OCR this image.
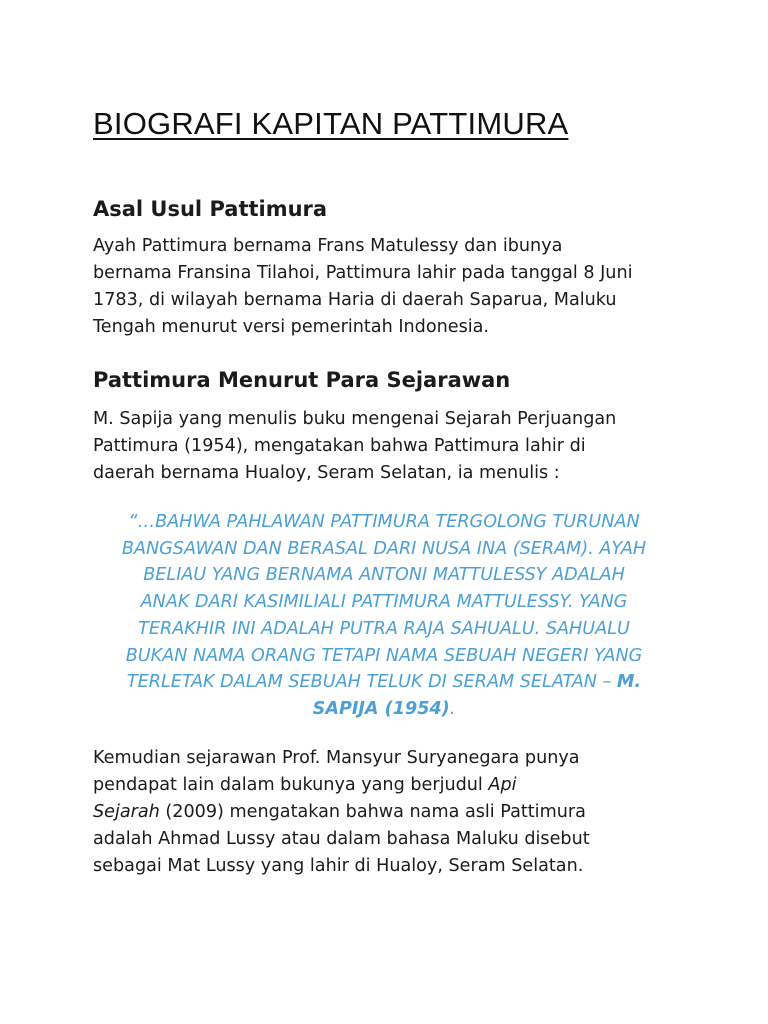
BIOGRAFI KAPITAN PATTIMURA
Asal Usul Pattimura

Ayah Pattimura bernama Frans Matulessy dan ibunya
bernama Fransina Tilahoi, Pattimura lahir pada tanggal 8 Juni
1783, di wilayah bernama Haria di daerah Saparua, Maluku
Tengah menurut versi pemerintah Indonesia.

Pattimura Menurut Para Sejarawan

M. Sapija yang menulis buku mengenai Sejarah Perjuangan
Pattimura (1954), mengatakan bahwa Pattimura lahir di
daerah bernama Hualoy, Seram Selatan, ia menulis :

“…BAHWA PAHLAWAN PATTIMURA TERGOLONG TURUNAN
BANGSAWAN DAN BERASAL DARI NUSA INA (SERAM). AYAH
BELIAU YANG BERNAMA ANTONI MATTULESSY ADALAH
ANAK DARI KASIMILIALI PATTIMURA MATTULESSY. YANG
TERAKHIR INI ADALAH PUTRA RAJA SAHUALU. SAHUALU
BUKAN NAMA ORANG TETAPI NAMA SEBUAH NEGERI YANG
TERLETAK DALAM SEBUAH TELUK DI SERAM SELATAN – M.
SAPIJA (1954).

Kemudian sejarawan Prof. Mansyur Suryanegara punya
pendapat lain dalam bukunya yang berjudul Api
Sejarah (2009) mengatakan bahwa nama asli Pattimura
adalah Ahmad Lussy atau dalam bahasa Maluku disebut
sebagai Mat Lussy yang lahir di Hualoy, Seram Selatan.
